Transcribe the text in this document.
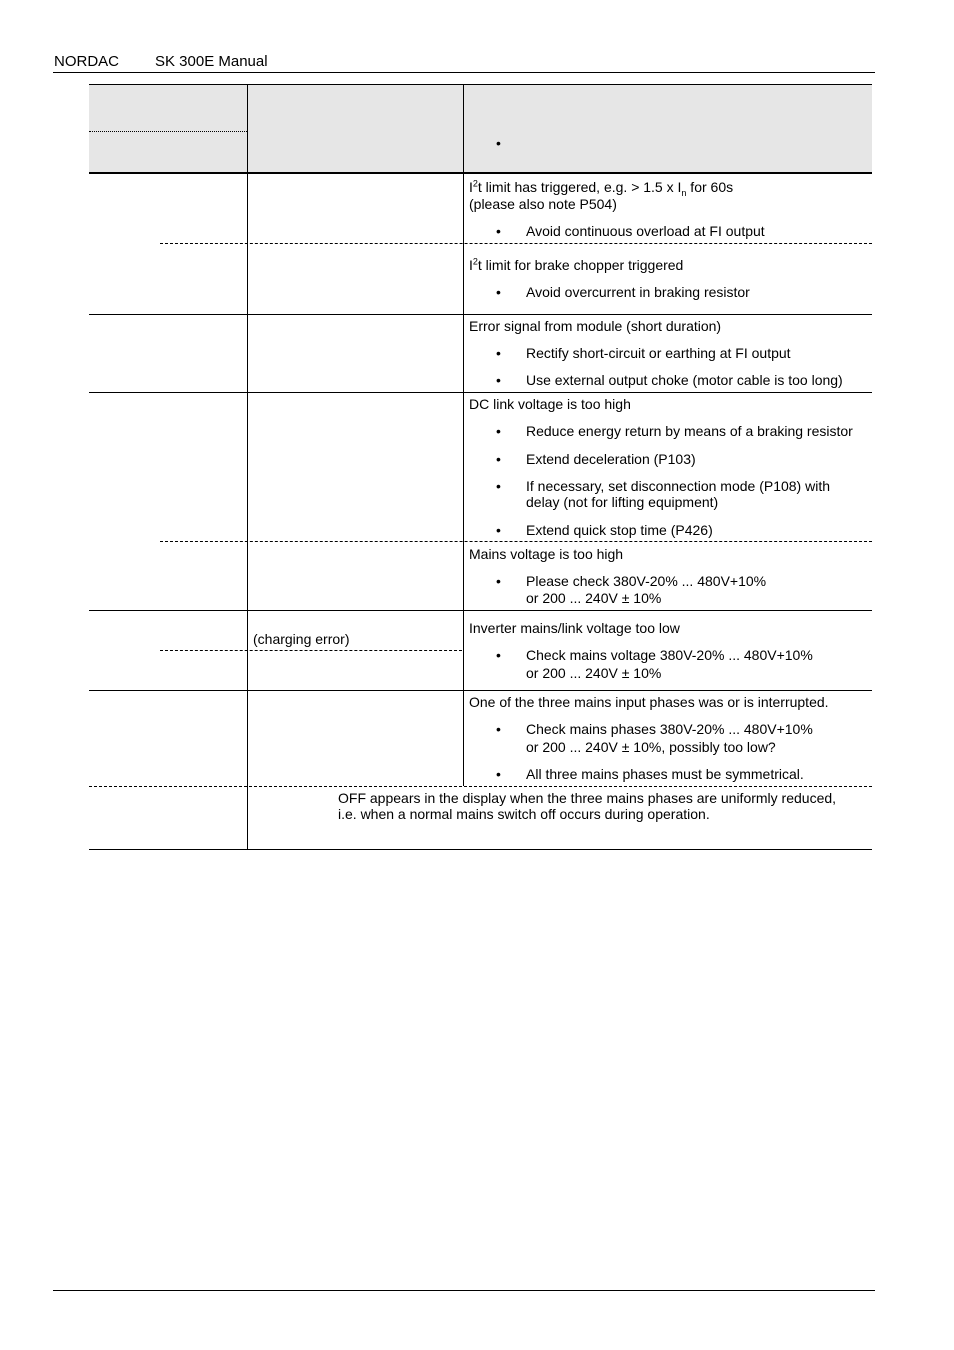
NORDAC SK 300E Manual
•
$I^2t$ limit has triggered, e.g. > 1.5 x $I_n$ for 60s
(please also note P504)
• Avoid continuous overload at FI output
$I^2t$ limit for brake chopper triggered
• Avoid overcurrent in braking resistor
Error signal from module (short duration)
• Rectify short-circuit or earthing at FI output
• Use external output choke (motor cable is too long)
DC link voltage is too high
• Reduce energy return by means of a braking resistor
• Extend deceleration (P103)
• If necessary, set disconnection mode (P108) with
delay (not for lifting equipment)
• Extend quick stop time (P426)
Mains voltage is too high
• Please check 380V-20% ... 480V+10%
or 200 ... 240V ± 10%
(charging error)
Inverter mains/link voltage too low
• Check mains voltage 380V-20% ... 480V+10%
or 200 ... 240V ± 10%
One of the three mains input phases was or is interrupted.
• Check mains phases 380V-20% ... 480V+10%
or 200 ... 240V ± 10%, possibly too low?
• All three mains phases must be symmetrical.
OFF appears in the display when the three mains phases are uniformly reduced,
i.e. when a normal mains switch off occurs during operation.
